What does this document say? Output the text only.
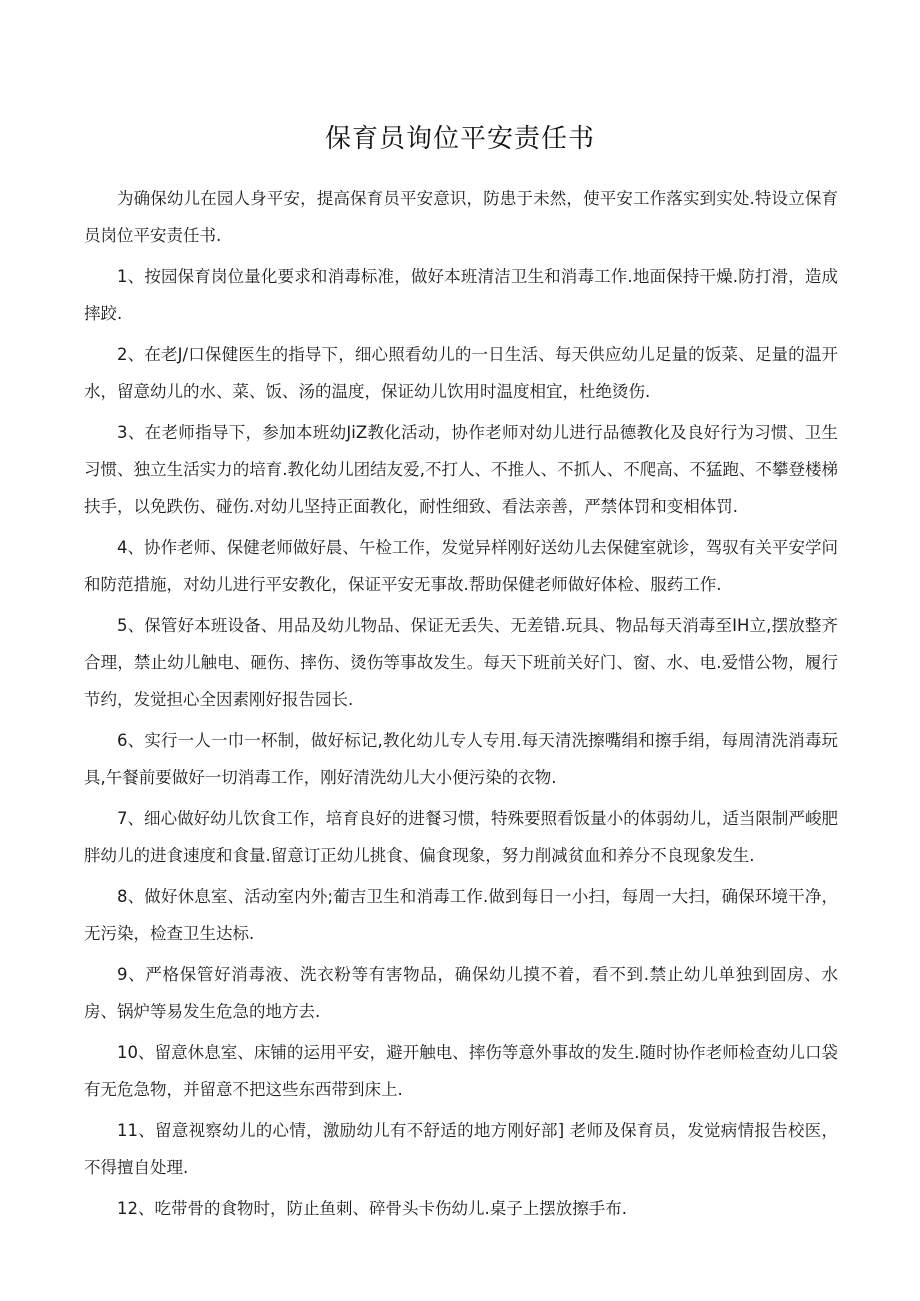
保育员询位平安责任书

为确保幼儿在园人身平安，提高保育员平安意识，防患于未然，使平安工作落实到实处.特设立保育员岗位平安责任书.

1、按园保育岗位量化要求和消毒标准，做好本班清洁卫生和消毒工作.地面保持干燥.防打滑，造成摔跤.

2、在老J/口保健医生的指导下，细心照看幼儿的一日生活、每天供应幼儿足量的饭菜、足量的温开水，留意幼儿的水、菜、饭、汤的温度，保证幼儿饮用时温度相宜，杜绝烫伤.

3、在老师指导下，参加本班幼JiZ教化活动，协作老师对幼儿进行品德教化及良好行为习惯、卫生习惯、独立生活实力的培育.教化幼儿团结友爱,不打人、不推人、不抓人、不爬高、不猛跑、不攀登楼梯扶手，以免跌伤、碰伤.对幼儿坚持正面教化，耐性细致、看法亲善，严禁体罚和变相体罚.

4、协作老师、保健老师做好晨、午检工作，发觉异样刚好送幼儿去保健室就诊，驾驭有关平安学问和防范措施，对幼儿进行平安教化，保证平安无事故.帮助保健老师做好体检、服药工作.

5、保管好本班设备、用品及幼儿物品、保证无丢失、无差错.玩具、物品每天消毒至IH立,摆放整齐合理，禁止幼儿触电、砸伤、摔伤、烫伤等事故发生。每天下班前关好门、窗、水、电.爱惜公物，履行节约，发觉担心全因素刚好报告园长.

6、实行一人一巾一杯制，做好标记,教化幼儿专人专用.每天清洗擦嘴绢和擦手绢，每周清洗消毒玩具,午餐前要做好一切消毒工作，刚好清洗幼儿大小便污染的衣物.

7、细心做好幼儿饮食工作，培育良好的进餐习惯，特殊要照看饭量小的体弱幼儿，适当限制严峻肥胖幼儿的进食速度和食量.留意订正幼儿挑食、偏食现象，努力削减贫血和养分不良现象发生.

8、做好休息室、活动室内外;葡吉卫生和消毒工作.做到每日一小扫，每周一大扫，确保环境干净，无污染，检查卫生达标.

9、严格保管好消毒液、洗衣粉等有害物品，确保幼儿摸不着，看不到.禁止幼儿单独到固房、水房、锅炉等易发生危急的地方去.

10、留意休息室、床铺的运用平安，避开触电、摔伤等意外事故的发生.随时协作老师检查幼儿口袋有无危急物，并留意不把这些东西带到床上.

11、留意视察幼儿的心情，激励幼儿有不舒适的地方刚好部] 老师及保育员，发觉病情报告校医，不得擅自处理.

12、吃带骨的食物时，防止鱼刺、碎骨头卡伤幼儿.桌子上摆放擦手布.
